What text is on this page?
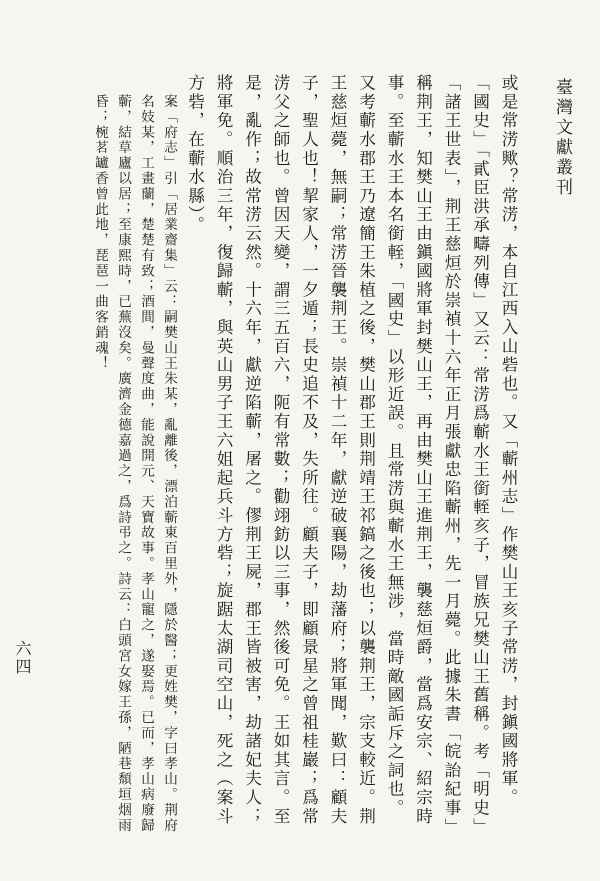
臺灣文獻叢刊

或是常淓歟？常淓，本自江西入山砦也。又「蘄州志」作樊山王亥子常淓，封鎭國將軍。「國史」「貳臣洪承疇列傳」又云：常淓爲蘄水王銜輊亥子，冒族兄樊山王舊稱。考「明史」「諸王世表」，荆王慈烜於崇禎十六年正月張獻忠陷蘄州，先一月薨。此據朱書「皖詒紀事」稱荆王，知樊山王由鎭國將軍封樊山王，再由樊山王進荆王，襲慈烜爵，當爲安宗、紹宗時事。至蘄水王本名銜輊，「國史」以形近誤。且常淓與蘄水王無涉，當時敵國詬斥之詞也。又考蘄水郡王乃遼簡王朱植之後，樊山郡王則荆靖王祁鎬之後也；以襲荆王，宗支較近。荆王慈烜薨，無嗣；常淓晉襲荆王。崇禎十二年，獻逆破襄陽，劫藩府；將軍聞，歎曰：顧夫子，聖人也！挈家人，一夕遁；長史追不及，失所往。顧夫子，即顧景星之曾祖桂巖；爲常淓父之師也。曾因天變，謂三五百六，阨有常數；勸翊鈁以三事，然後可免。王如其言。至是，亂作；故常淓云然。十六年，獻逆陷蘄，屠之。僇荆王屍，郡王皆被害，劫諸妃夫人；將軍免。順治三年，復歸蘄，與英山男子王六姐起兵斗方砦；旋踞太湖司空山，死之（案斗方砦，在蘄水縣）。

案「府志」引「居業齋集」云：嗣樊山王朱某，亂離後，漂泊蘄東百里外，隱於醫；更姓樊，字曰孝山。荆府名妓某，工畫蘭，楚楚有致；酒間，曼聲度曲，能說開元、天寶故事。孝山寵之，遂娶焉。已而，孝山病廢歸蘄，結草廬以居；至康熙時，已蕪沒矣。廣濟金德嘉過之，爲詩弔之。詩云：白頭宮女嫁王孫，陋巷頹垣烟雨昏；椀茗罏香曾此地，琵琶一曲客銷魂！

六四
